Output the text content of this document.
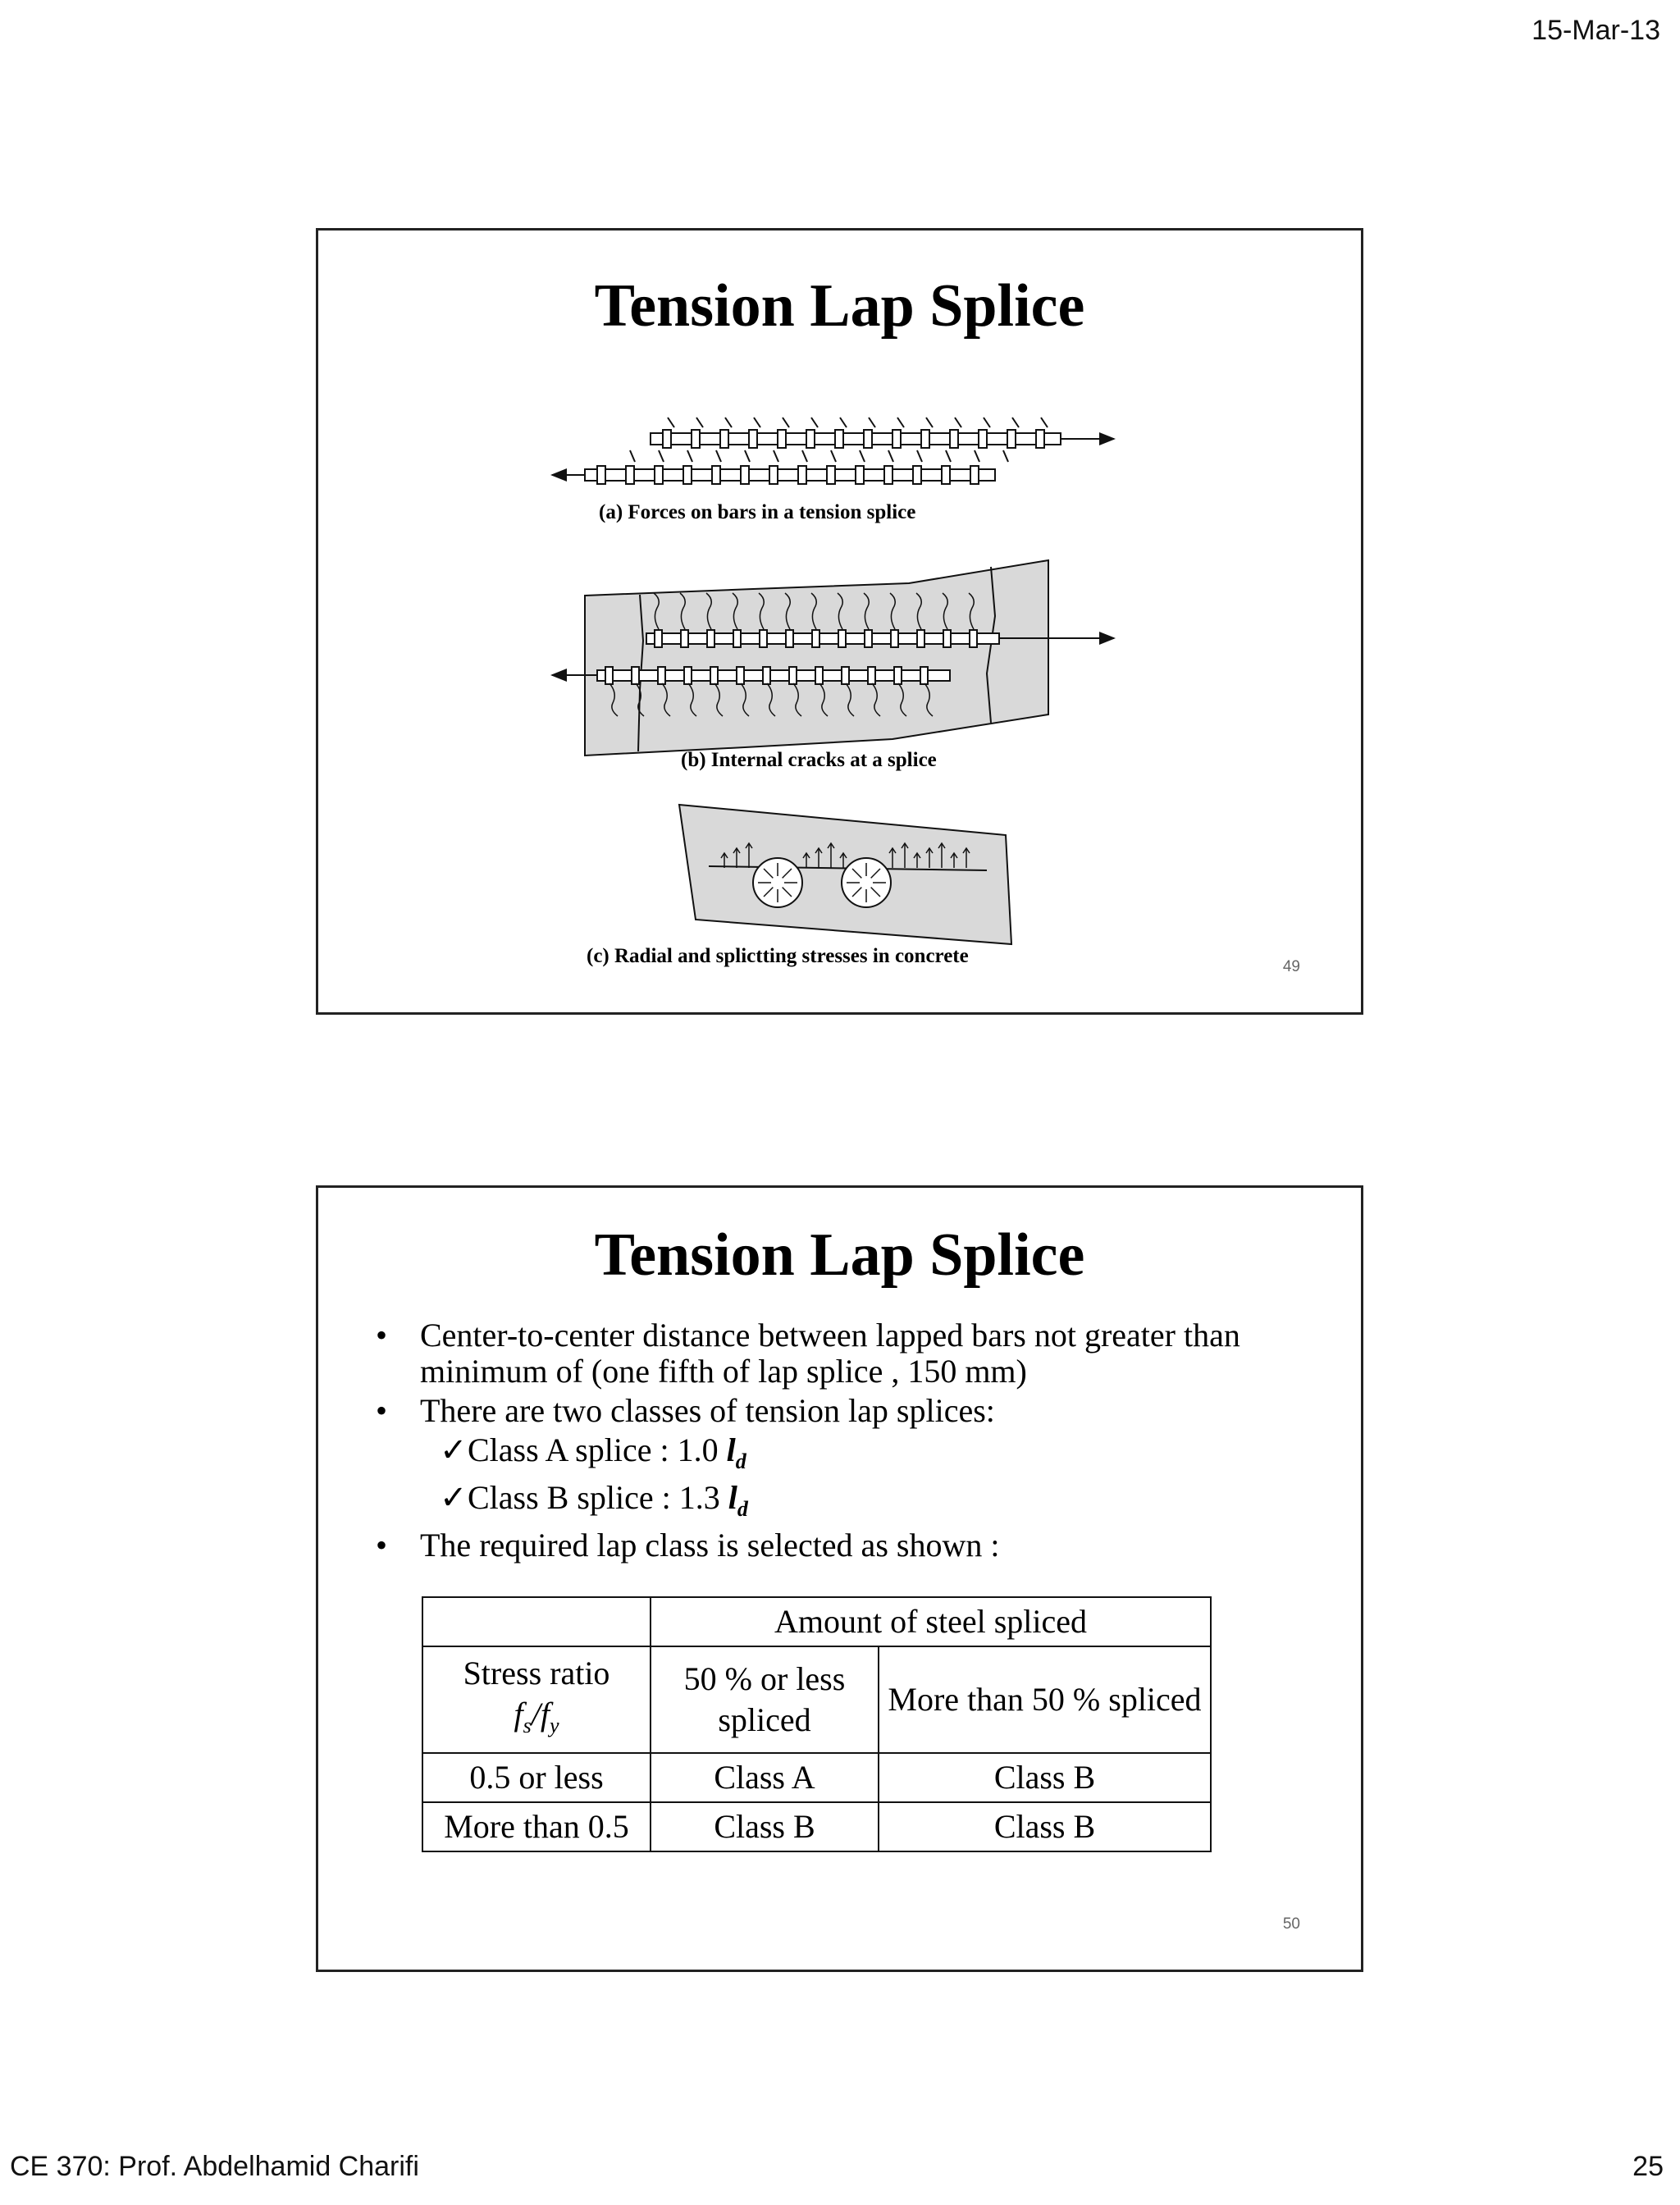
15-Mar-13
Tension Lap Splice
(a) Forces on bars in a tension splice
(b) Internal cracks at a splice
(c) Radial and splictting stresses in concrete	49
Tension Lap Splice
• Center-to-center distance between lapped bars not greater than minimum of (one fifth of lap splice , 150 mm)
• There are two classes of tension lap splices:
✓ Class A splice : 1.0 $l_d$
✓ Class B splice : 1.3 $l_d$
• The required lap class is selected as shown :
	Amount of steel spliced	

Stress ratio
$f_s/f_y$	50 % or less spliced	More than 50 % spliced
0.5 or less	Class A	Class B
More than 0.5	Class B	Class B
50
CE 370: Prof. Abdelhamid Charifi	25
